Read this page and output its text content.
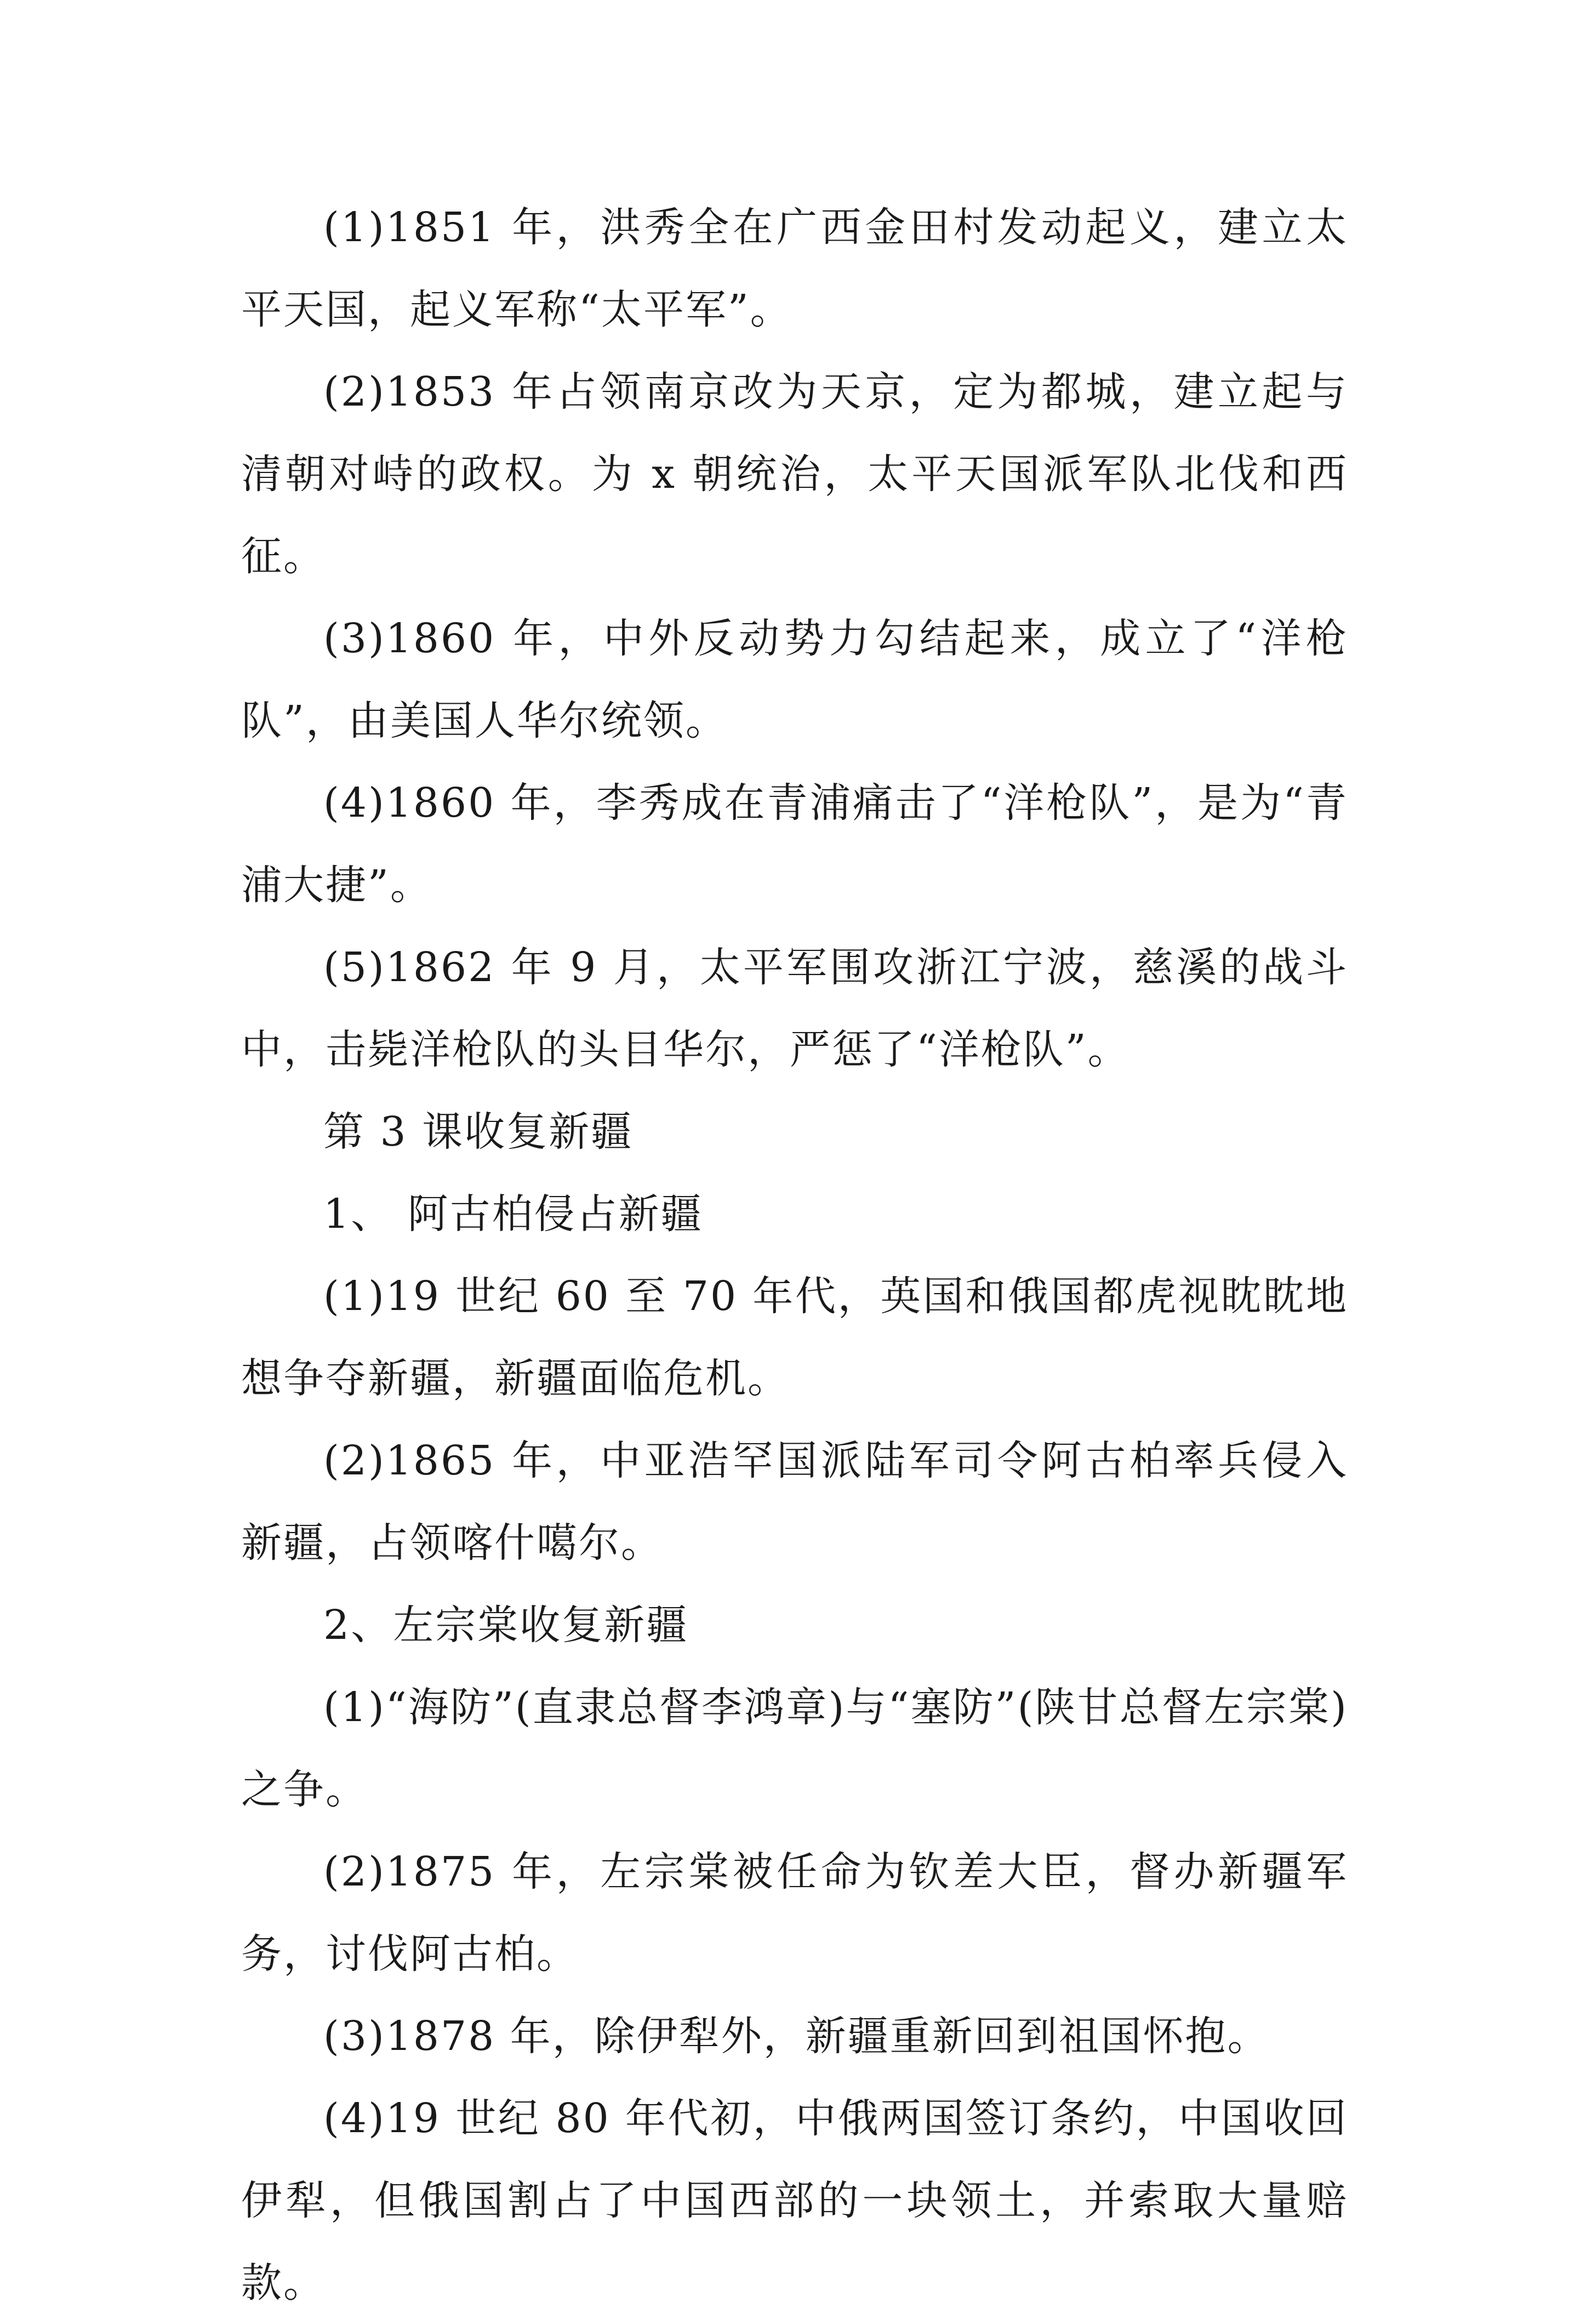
(1)1851 年，洪秀全在广西金田村发动起义，建立太平天国，起义军称“太平军”。

(2)1853 年占领南京改为天京，定为都城，建立起与清朝对峙的政权。为 x 朝统治，太平天国派军队北伐和西征。

(3)1860 年，中外反动势力勾结起来，成立了“洋枪队”，由美国人华尔统领。

(4)1860 年，李秀成在青浦痛击了“洋枪队”，是为“青浦大捷”。

(5)1862 年 9 月，太平军围攻浙江宁波，慈溪的战斗中，击毙洋枪队的头目华尔，严惩了“洋枪队”。

第 3 课收复新疆

1、 阿古柏侵占新疆

(1)19 世纪 60 至 70 年代，英国和俄国都虎视眈眈地想争夺新疆，新疆面临危机。

(2)1865 年，中亚浩罕国派陆军司令阿古柏率兵侵入新疆，占领喀什噶尔。

2、左宗棠收复新疆

(1)“海防”(直隶总督李鸿章)与“塞防”(陕甘总督左宗棠)之争。

(2)1875 年，左宗棠被任命为钦差大臣，督办新疆军务，讨伐阿古柏。

(3)1878 年，除伊犁外，新疆重新回到祖国怀抱。

(4)19 世纪 80 年代初，中俄两国签订条约，中国收回伊犁，但俄国割占了中国西部的一块领土，并索取大量赔款。
